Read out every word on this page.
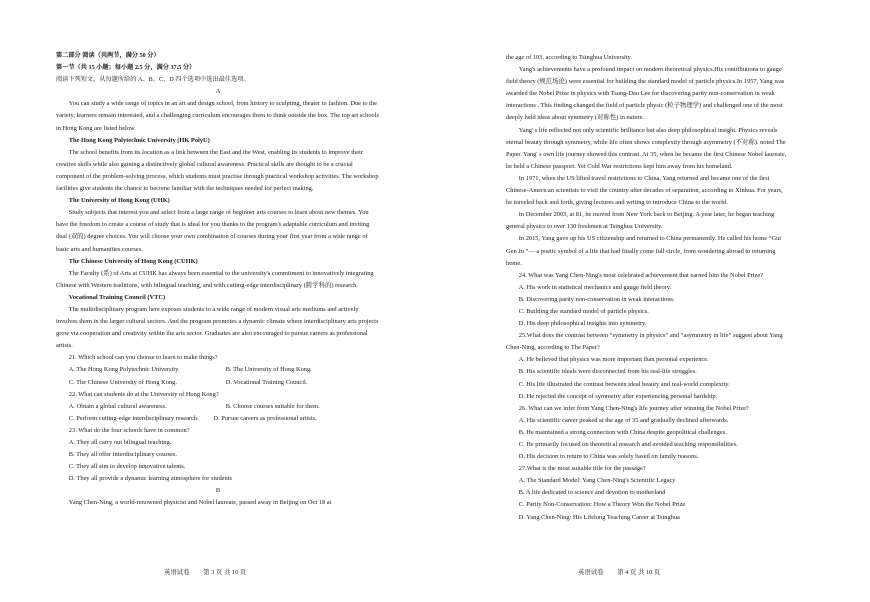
第二部分 阅读（共两节，满分 50 分）

第一节（共 15 小题；每小题 2.5 分，满分 37.5 分）

阅读下列短文，从每题所给的 A、B、C、D 四个选项中选出最佳选项。

A

You can study a wide range of topics in an art and design school, from history to sculpting, theater to fashion. Due to the variety, learners remain interested, and a challenging curriculum encourages them to think outside the box. The top art schools in Hong Kong are listed below.

The Hong Kong Polytechnic University (HK PolyU)

The school benefits from its location as a link between the East and the West, enabling its students to improve their creative skills while also gaining a distinctively global cultural awareness. Practical skills are thought to be a crucial component of the problem-solving process, which students must practise through practical workshop activities. The workshop facilities give students the chance to become familiar with the techniques needed for perfect making.

The University of Hong Kong (UHK)

Study subjects that interest you and select from a large range of beginner arts courses to learn about new themes. You have the freedom to create a course of study that is ideal for you thanks to the program's adaptable curriculum and inviting dual (双的) degree choices. You will choose your own combination of courses during your first year from a wide range of basic arts and humanities courses.

The Chinese University of Hong Kong (CUHK)

The Faculty (系) of Arts at CUHK has always been essential to the university's commitment to innovatively integrating Chinese with Western traditions, with bilingual teaching, and with cutting-edge interdisciplinary (跨学科的) research.

Vocational Training Council (VTC)

The multidisciplinary program here exposes students to a wide range of modern visual arts mediums and actively involves them in the larger cultural sectors. And the program promotes a dynamic climate where interdisciplinary arts projects grow via cooperation and creativity within the arts sector. Graduates are also encouraged to pursue careers as professional artists.

21. Which school can you choose to learn to make things?

A. The Hong Kong Polytechnic University.	B. The University of Hong Kong.
C. The Chinese University of Hong Kong.	D. Vocational Training Council.

22. What can students do at the University of Hong Kong?

A. Obtain a global cultural awareness.	B. Choose courses suitable for them.
C. Perform cutting-edge interdisciplinary research.	D. Pursue careers as professional artists.

23. What do the four schools have in common?

A. They all carry out bilingual teaching.

B. They all offer interdisciplinary courses.

C. They all aim to develop innovative talents.

D. They all provide a dynamic learning atmosphere for students

B

Yang Chen-Ning, a world-renowned physicist and Nobel laureate, passed away in Beijing on Oct 18 at

the age of 103, according to Tsinghua University.

Yang's achievements have a profound impact on modern theoretical physics.His contributions to gauge field theory (规范场论) were essential for building the standard model of particle physics.In 1957, Yang was awarded the Nobel Prize in physics with Tsung-Dao Lee for discovering parity non-conservation in weak interactions . This finding changed the field of particle physic (粒子物理学) and challenged one of the most deeply held ideas about symmetry (对称性) in nature.

Yang' s life reflected not only scientific brilliance but also deep philosophical insight. Physics reveals eternal beauty through symmetry, while life often shows complexity through asymmetry (不对称). noted The Paper. Yang' s own life journey showed this contrast. At 35, when he became the first Chinese Nobel laureate, he held a Chinese passport. Yet Cold War restrictions kept him away from his homeland.

In 1971, when the US lifted travel restrictions to China, Yang returned and became one of the first Chinese-American scientists to visit the country after decades of separation, according to Xinhua. For years, he traveled back and forth, giving lectures and writing to introduce China to the world.

In December 2003, at 81, he moved from New York back to Beijing. A year later, he began teaching general physics to over 130 freshmen at Tsinghua University.

In 2015, Yang gave up his US citizenship and returned to China permanently. He called his home “Gui Gen Ju ”— a poetic symbol of a life that had finally come full circle, from wondering abroad to returning home.

24. What was Yang Chen-Ning's most celebrated achievement that earned him the Nobel Prize?

A. His work in statistical mechanics and gauge field theory.

B. Discovering parity non-conservation in weak interactions.

C. Building the standard model of particle physics.

D. His deep philosophical insights into symmetry.

25.What does the contrast between “symmetry in physics” and “asymmetry in life” suggest about Yang Chen-Ning, according to The Paper?

A. He believed that physics was more important than personal experience.

B. His scientific ideals were disconnected from his real-life struggles.

C. His life illustrated the contrast between ideal beauty and real-world complexity.

D. He rejected the concept of symmetry after experiencing personal hardship.

26. What can we infer from Yang Chen-Ning's life journey after winning the Nobel Prize?

A. His scientific career peaked at the age of 35 and gradually declined afterwards.

B. He maintained a strong connection with China despite geopolitical challenges.

C. He primarily focused on theoretical research and avoided teaching responsibilities.

D. His decision to return to China was solely based on family reasons.

27.What is the most suitable title for the passage?

A. The Standard Model: Yang Chen-Ning's Scientific Legacy

B. A life dedicated to science and devotion to motherland

C. Parity Non-Conservation: How a Theory Won the Nobel Prize

D. Yang Chen-Ning: His Lifelong Teaching Career at Tsinghua

英语试卷 第 3 页 共 10 页	英语试卷 第 4 页 共 10 页
